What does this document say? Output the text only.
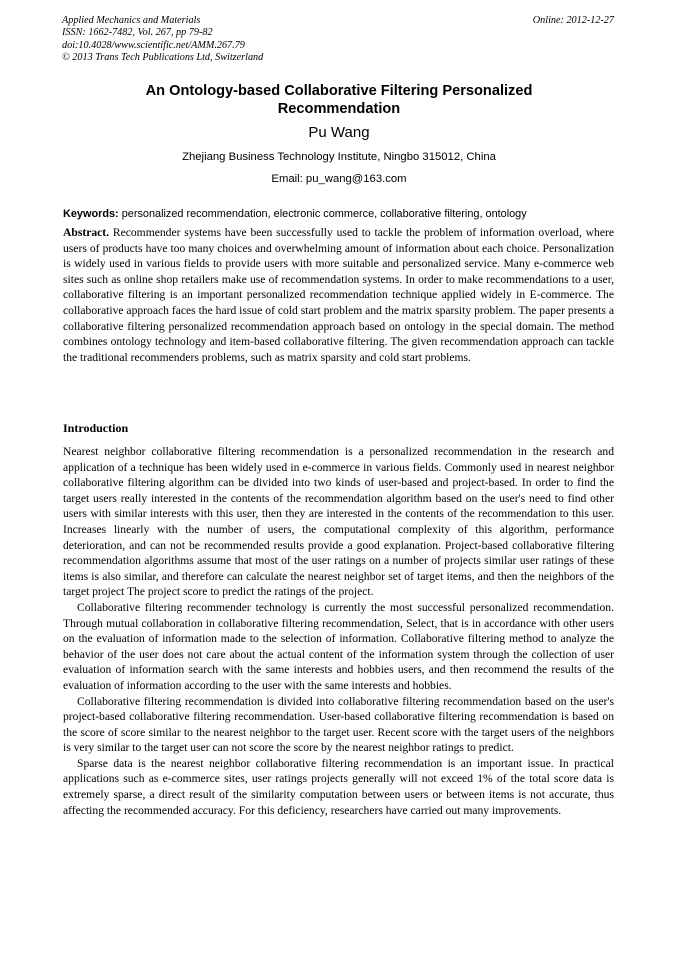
Applied Mechanics and Materials
ISSN: 1662-7482, Vol. 267, pp 79-82
doi:10.4028/www.scientific.net/AMM.267.79
© 2013 Trans Tech Publications Ltd, Switzerland
Online: 2012-12-27
An Ontology-based Collaborative Filtering Personalized Recommendation
Pu Wang
Zhejiang Business Technology Institute, Ningbo 315012, China
Email: pu_wang@163.com
Keywords: personalized recommendation, electronic commerce, collaborative filtering, ontology

Abstract. Recommender systems have been successfully used to tackle the problem of information overload, where users of products have too many choices and overwhelming amount of information about each choice. Personalization is widely used in various fields to provide users with more suitable and personalized service. Many e-commerce web sites such as online shop retailers make use of recommendation systems. In order to make recommendations to a user, collaborative filtering is an important personalized recommendation technique applied widely in E-commerce. The collaborative approach faces the hard issue of cold start problem and the matrix sparsity problem. The paper presents a collaborative filtering personalized recommendation approach based on ontology in the special domain. The method combines ontology technology and item-based collaborative filtering. The given recommendation approach can tackle the traditional recommenders problems, such as matrix sparsity and cold start problems.

Introduction

Nearest neighbor collaborative filtering recommendation is a personalized recommendation in the research and application of a technique has been widely used in e-commerce in various fields. Commonly used in nearest neighbor collaborative filtering algorithm can be divided into two kinds of user-based and project-based. In order to find the target users really interested in the contents of the recommendation algorithm based on the user's need to find other users with similar interests with this user, then they are interested in the contents of the recommendation to this user. Increases linearly with the number of users, the computational complexity of this algorithm, performance deterioration, and can not be recommended results provide a good explanation. Project-based collaborative filtering recommendation algorithms assume that most of the user ratings on a number of projects similar user ratings of these items is also similar, and therefore can calculate the nearest neighbor set of target items, and then the neighbors of the target project The project score to predict the ratings of the project.

Collaborative filtering recommender technology is currently the most successful personalized recommendation. Through mutual collaboration in collaborative filtering recommendation, Select, that is in accordance with other users on the evaluation of information made to the selection of information. Collaborative filtering method to analyze the behavior of the user does not care about the actual content of the information system through the collection of user evaluation of information search with the same interests and hobbies users, and then recommend the results of the evaluation of information according to the user with the same interests and hobbies.

Collaborative filtering recommendation is divided into collaborative filtering recommendation based on the user's project-based collaborative filtering recommendation. User-based collaborative filtering recommendation is based on the score of score similar to the nearest neighbor to the target user. Recent score with the target users of the neighbors is very similar to the target user can not score the score by the nearest neighbor ratings to predict.

Sparse data is the nearest neighbor collaborative filtering recommendation is an important issue. In practical applications such as e-commerce sites, user ratings projects generally will not exceed 1% of the total score data is extremely sparse, a direct result of the similarity computation between users or between items is not accurate, thus affecting the recommended accuracy. For this deficiency, researchers have carried out many improvements.
